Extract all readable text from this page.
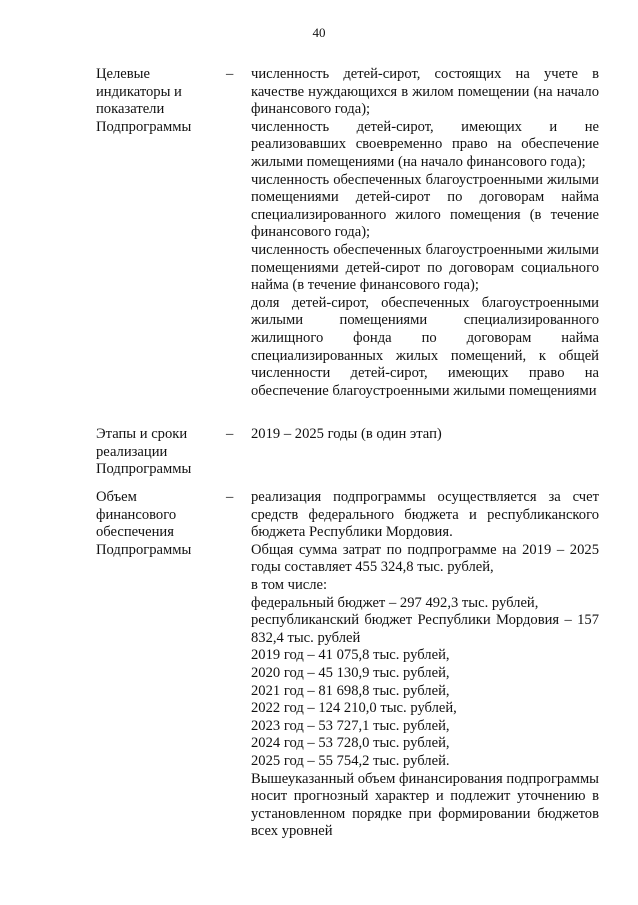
40
Целевые
индикаторы и
показатели
Подпрограммы
– численность детей-сирот, состоящих на учете в качестве нуждающихся в жилом помещении (на начало финансового года);

численность детей-сирот, имеющих и не реализовавших своевременно право на обеспечение жилыми помещениями (на начало финансового года);

численность обеспеченных благоустроенными жилыми помещениями детей-сирот по договорам найма специализированного жилого помещения (в течение финансового года);

численность обеспеченных благоустроенными жилыми помещениями детей-сирот по договорам социального найма (в течение финансового года);

доля детей-сирот, обеспеченных благоустроенными жилыми помещениями специализированного жилищного фонда по договорам найма специализированных жилых помещений, к общей численности детей-сирот, имеющих право на обеспечение благоустроенными жилыми помещениями

Этапы и сроки
реализации
Подпрограммы
– 2019 – 2025 годы (в один этап)

Объем
финансового
обеспечения
Подпрограммы
– реализация подпрограммы осуществляется за счет средств федерального бюджета и республиканского бюджета Республики Мордовия.

Общая сумма затрат по подпрограмме на 2019 – 2025 годы составляет 455 324,8 тыс. рублей,

в том числе:

федеральный бюджет – 297 492,3 тыс. рублей,

республиканский бюджет Республики Мордовия – 157 832,4 тыс. рублей

2019 год – 41 075,8 тыс. рублей,

2020 год – 45 130,9 тыс. рублей,

2021 год – 81 698,8 тыс. рублей,

2022 год – 124 210,0 тыс. рублей,

2023 год – 53 727,1 тыс. рублей,

2024 год – 53 728,0 тыс. рублей,

2025 год – 55 754,2 тыс. рублей.

Вышеуказанный объем финансирования подпрограммы носит прогнозный характер и подлежит уточнению в установленном порядке при формировании бюджетов всех уровней
